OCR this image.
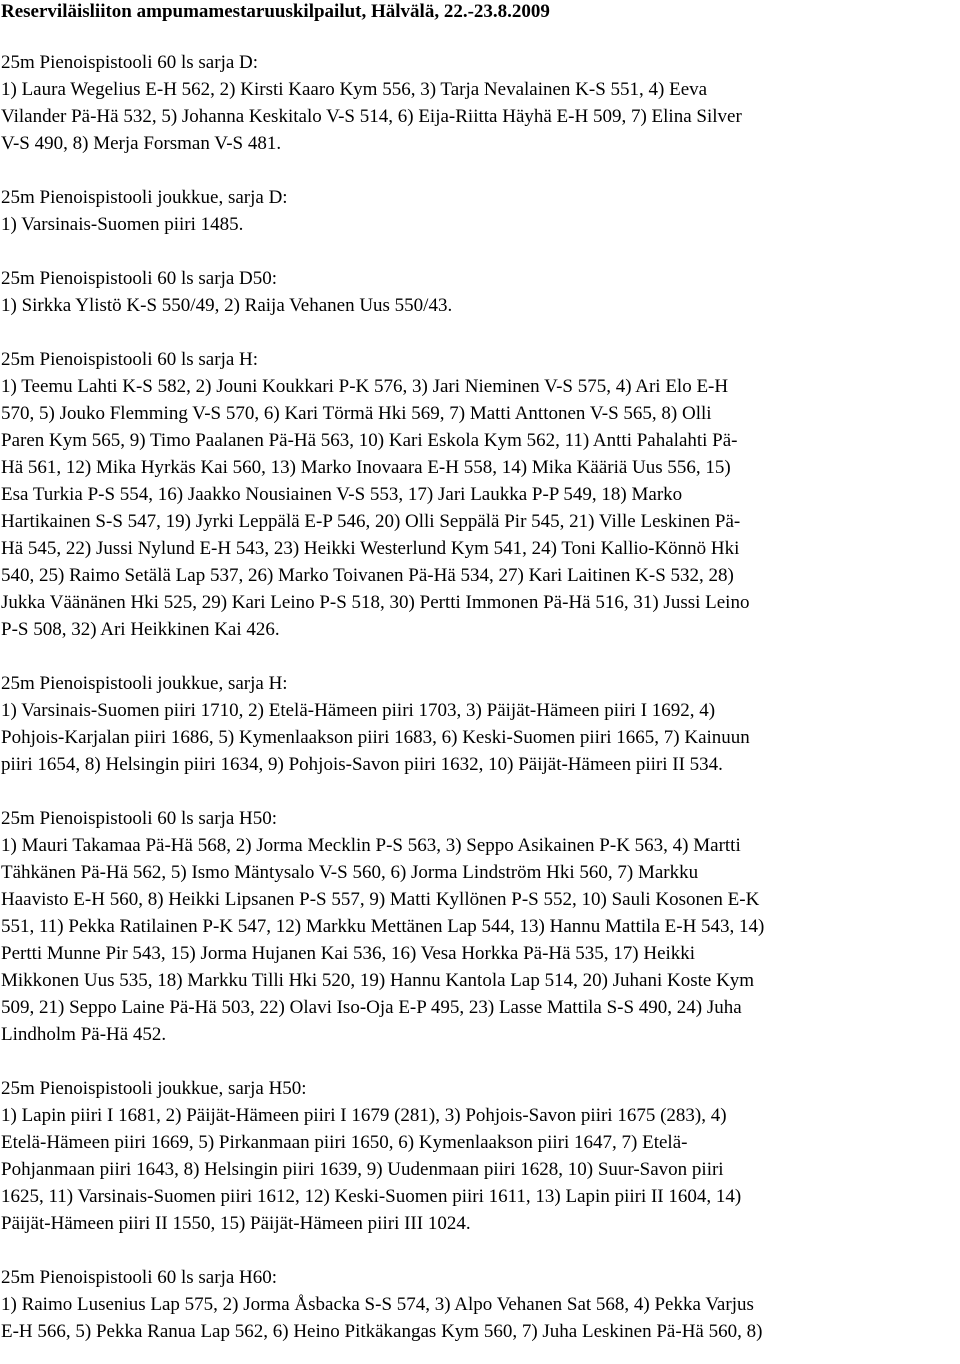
Reserviläisliiton ampumamestaruuskilpailut, Hälvälä, 22.-23.8.2009
25m Pienoispistooli 60 ls sarja D:

1) Laura Wegelius E-H 562, 2) Kirsti Kaaro Kym 556, 3) Tarja Nevalainen K-S 551, 4) Eeva

Vilander Pä-Hä 532, 5) Johanna Keskitalo V-S 514, 6) Eija-Riitta Häyhä E-H 509, 7) Elina Silver

V-S 490, 8) Merja Forsman V-S 481.

25m Pienoispistooli joukkue, sarja D:

1) Varsinais-Suomen piiri 1485.

25m Pienoispistooli 60 ls sarja D50:

1) Sirkka Ylistö K-S 550/49, 2) Raija Vehanen Uus 550/43.

25m Pienoispistooli 60 ls sarja H:

1) Teemu Lahti K-S 582, 2) Jouni Koukkari P-K 576, 3) Jari Nieminen V-S 575, 4) Ari Elo E-H

570, 5) Jouko Flemming V-S 570, 6) Kari Törmä Hki 569, 7) Matti Anttonen V-S 565, 8) Olli

Paren Kym 565, 9) Timo Paalanen Pä-Hä 563, 10) Kari Eskola Kym 562, 11) Antti Pahalahti Pä-

Hä 561, 12) Mika Hyrkäs Kai 560, 13) Marko Inovaara E-H 558, 14) Mika Kääriä Uus 556, 15)

Esa Turkia P-S 554, 16) Jaakko Nousiainen V-S 553, 17) Jari Laukka P-P 549, 18) Marko

Hartikainen S-S 547, 19) Jyrki Leppälä E-P 546, 20) Olli Seppälä Pir 545, 21) Ville Leskinen Pä-

Hä 545, 22) Jussi Nylund E-H 543, 23) Heikki Westerlund Kym 541, 24) Toni Kallio-Könnö Hki

540, 25) Raimo Setälä Lap 537, 26) Marko Toivanen Pä-Hä 534, 27) Kari Laitinen K-S 532, 28)

Jukka Väänänen Hki 525, 29) Kari Leino P-S 518, 30) Pertti Immonen Pä-Hä 516, 31) Jussi Leino

P-S 508, 32) Ari Heikkinen Kai 426.

25m Pienoispistooli joukkue, sarja H:

1) Varsinais-Suomen piiri 1710, 2) Etelä-Hämeen piiri 1703, 3) Päijät-Hämeen piiri I 1692, 4)

Pohjois-Karjalan piiri 1686, 5) Kymenlaakson piiri 1683, 6) Keski-Suomen piiri 1665, 7) Kainuun

piiri 1654, 8) Helsingin piiri 1634, 9) Pohjois-Savon piiri 1632, 10) Päijät-Hämeen piiri II 534.

25m Pienoispistooli 60 ls sarja H50:

1) Mauri Takamaa Pä-Hä 568, 2) Jorma Mecklin P-S 563, 3) Seppo Asikainen P-K 563, 4) Martti

Tähkänen Pä-Hä 562, 5) Ismo Mäntysalo V-S 560, 6) Jorma Lindström Hki 560, 7) Markku

Haavisto E-H 560, 8) Heikki Lipsanen P-S 557, 9) Matti Kyllönen P-S 552, 10) Sauli Kosonen E-K

551, 11) Pekka Ratilainen P-K 547, 12) Markku Mettänen Lap 544, 13) Hannu Mattila E-H 543, 14)

Pertti Munne Pir 543, 15) Jorma Hujanen Kai 536, 16) Vesa Horkka Pä-Hä 535, 17) Heikki

Mikkonen Uus 535, 18) Markku Tilli Hki 520, 19) Hannu Kantola Lap 514, 20) Juhani Koste Kym

509, 21) Seppo Laine Pä-Hä 503, 22) Olavi Iso-Oja E-P 495, 23) Lasse Mattila S-S 490, 24) Juha

Lindholm Pä-Hä 452.

25m Pienoispistooli joukkue, sarja H50:

1) Lapin piiri I 1681, 2) Päijät-Hämeen piiri I 1679 (281), 3) Pohjois-Savon piiri 1675 (283), 4)

Etelä-Hämeen piiri 1669, 5) Pirkanmaan piiri 1650, 6) Kymenlaakson piiri 1647, 7) Etelä-

Pohjanmaan piiri 1643, 8) Helsingin piiri 1639, 9) Uudenmaan piiri 1628, 10) Suur-Savon piiri

1625, 11) Varsinais-Suomen piiri 1612, 12) Keski-Suomen piiri 1611, 13) Lapin piiri II 1604, 14)

Päijät-Hämeen piiri II 1550, 15) Päijät-Hämeen piiri III 1024.

25m Pienoispistooli 60 ls sarja H60:

1) Raimo Lusenius Lap 575, 2) Jorma Åsbacka S-S 574, 3) Alpo Vehanen Sat 568, 4) Pekka Varjus

E-H 566, 5) Pekka Ranua Lap 562, 6) Heino Pitkäkangas Kym 560, 7) Juha Leskinen Pä-Hä 560, 8)
